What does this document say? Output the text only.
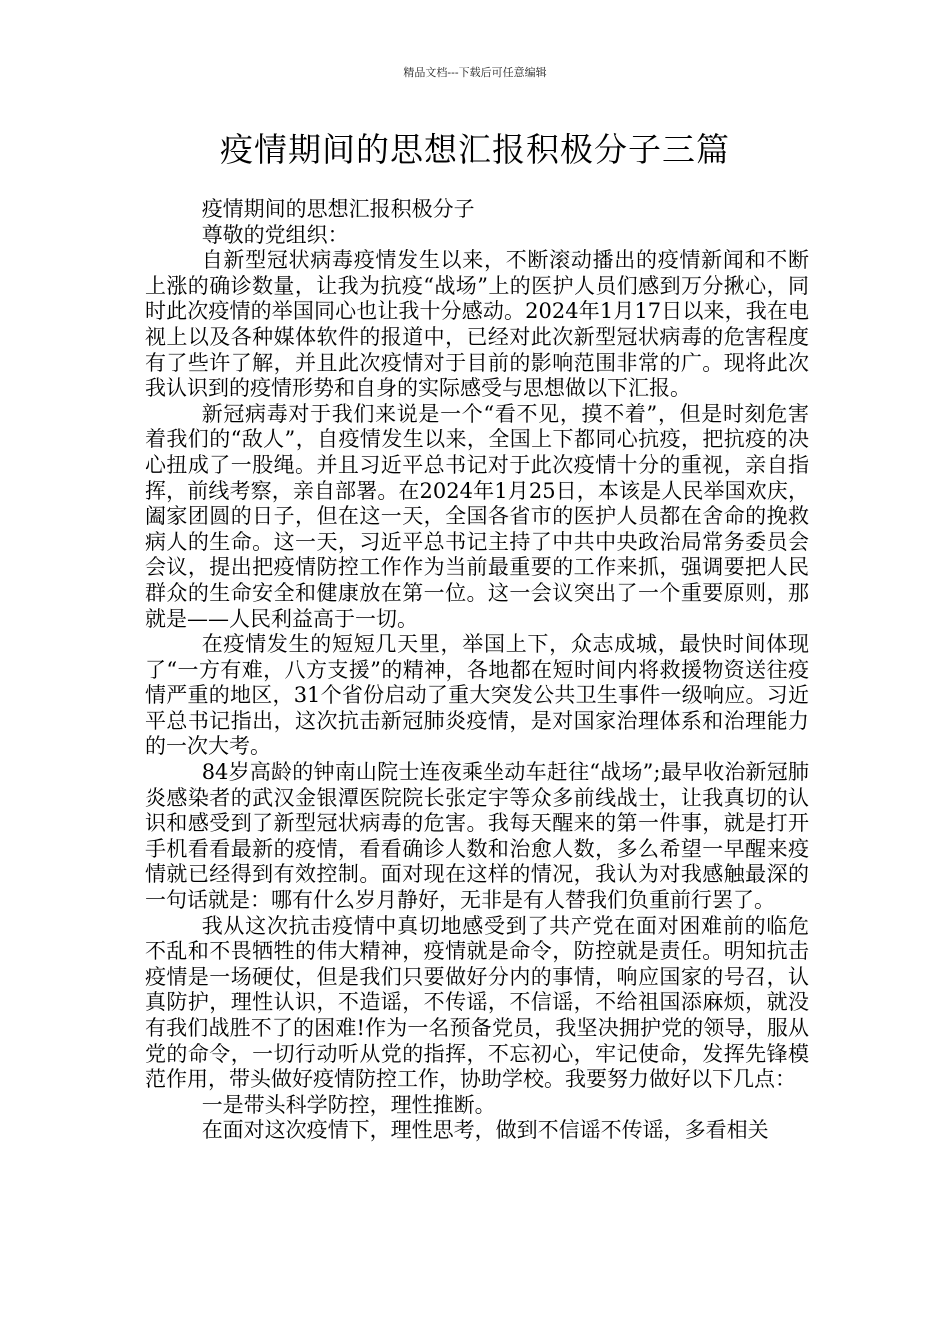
精品文档---下载后可任意编辑
疫情期间的思想汇报积极分子三篇

疫情期间的思想汇报积极分子

尊敬的党组织：

自新型冠状病毒疫情发生以来，不断滚动播出的疫情新闻和不断上涨的确诊数量，让我为抗疫“战场”上的医护人员们感到万分揪心，同时此次疫情的举国同心也让我十分感动。2024年1月17日以来，我在电视上以及各种媒体软件的报道中，已经对此次新型冠状病毒的危害程度有了些许了解，并且此次疫情对于目前的影响范围非常的广。现将此次我认识到的疫情形势和自身的实际感受与思想做以下汇报。

新冠病毒对于我们来说是一个“看不见，摸不着”，但是时刻危害着我们的“敌人”，自疫情发生以来，全国上下都同心抗疫，把抗疫的决心扭成了一股绳。并且习近平总书记对于此次疫情十分的重视，亲自指挥，前线考察，亲自部署。在2024年1月25日，本该是人民举国欢庆，阖家团圆的日子，但在这一天，全国各省市的医护人员都在舍命的挽救病人的生命。这一天，习近平总书记主持了中共中央政治局常务委员会会议，提出把疫情防控工作作为当前最重要的工作来抓，强调要把人民群众的生命安全和健康放在第一位。这一会议突出了一个重要原则，那就是——人民利益高于一切。

在疫情发生的短短几天里，举国上下，众志成城，最快时间体现了“一方有难，八方支援”的精神，各地都在短时间内将救援物资送往疫情严重的地区，31个省份启动了重大突发公共卫生事件一级响应。习近平总书记指出，这次抗击新冠肺炎疫情，是对国家治理体系和治理能力的一次大考。

84岁高龄的钟南山院士连夜乘坐动车赶往“战场”;最早收治新冠肺炎感染者的武汉金银潭医院院长张定宇等众多前线战士，让我真切的认识和感受到了新型冠状病毒的危害。我每天醒来的第一件事，就是打开手机看看最新的疫情，看看确诊人数和治愈人数，多么希望一早醒来疫情就已经得到有效控制。面对现在这样的情况，我认为对我感触最深的一句话就是：哪有什么岁月静好，无非是有人替我们负重前行罢了。

我从这次抗击疫情中真切地感受到了共产党在面对困难前的临危不乱和不畏牺牲的伟大精神，疫情就是命令，防控就是责任。明知抗击疫情是一场硬仗，但是我们只要做好分内的事情，响应国家的号召，认真防护，理性认识，不造谣，不传谣，不信谣，不给祖国添麻烦，就没有我们战胜不了的困难!作为一名预备党员，我坚决拥护党的领导，服从党的命令，一切行动听从党的指挥，不忘初心，牢记使命，发挥先锋模范作用，带头做好疫情防控工作，协助学校。我要努力做好以下几点：

一是带头科学防控，理性推断。

在面对这次疫情下，理性思考，做到不信谣不传谣，多看相关
